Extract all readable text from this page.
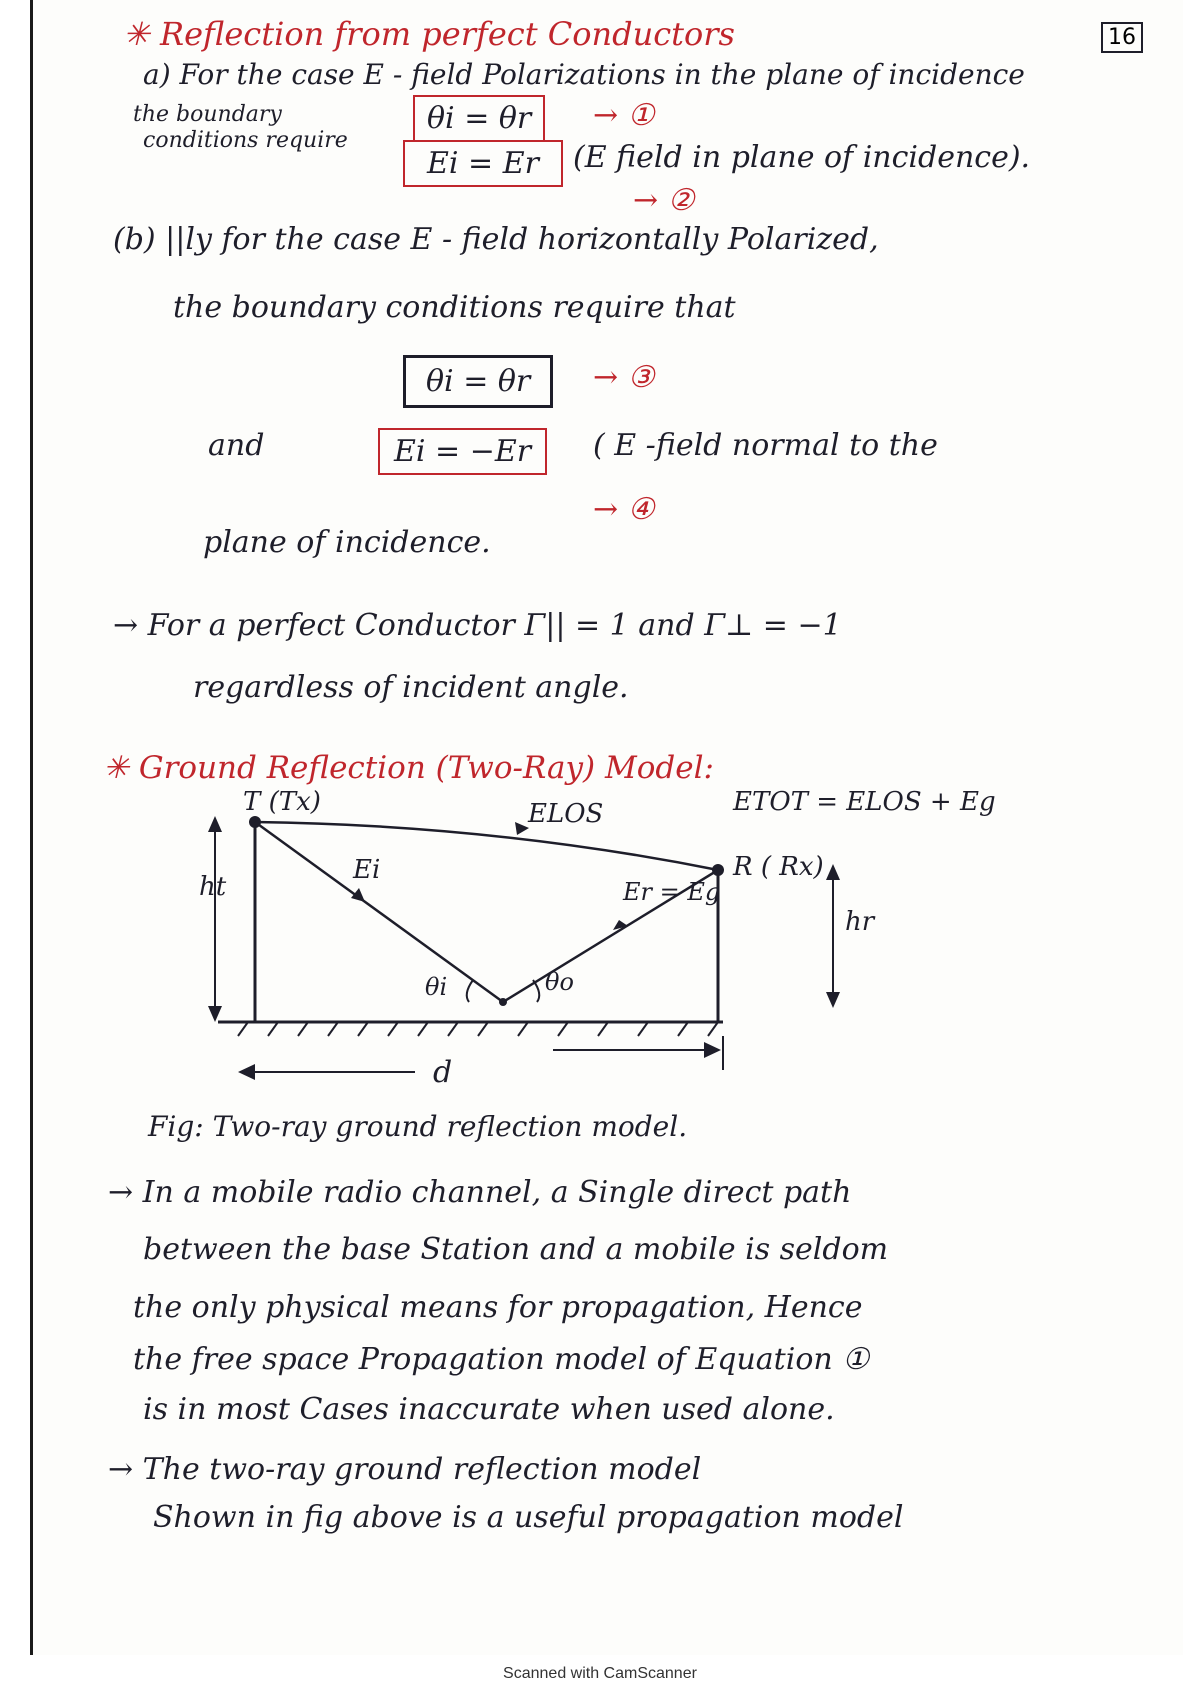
16
✳ Reflection from perfect Conductors
a) For the case E - field Polarizations in the plane of incidence
the boundary
conditions require
θi = θr	→ ①
Ei = Er	(E field in plane of incidence).
→ ②
(b) ||ly for the case E - field horizontally Polarized,
the boundary conditions require that
θi = θr	→ ③
and	Ei = −Er	( E -field normal to the
→ ④
plane of incidence.
→ For a perfect Conductor Γ|| = 1 and Γ⊥ = −1
regardless of incident angle.
✳ Ground Reflection (Two-Ray) Model:
T (Tx)
R ( Rx)
ELOS	ETOT = ELOS + Eg
Ei
Er = Eg
ht
hr
θi	θo
d
Fig: Two-ray ground reflection model.
→ In a mobile radio channel, a Single direct path
between the base Station and a mobile is seldom
the only physical means for propagation, Hence
the free space Propagation model of Equation ①
is in most Cases inaccurate when used alone.
→ The two-ray ground reflection model
Shown in fig above is a useful propagation model
Scanned with CamScanner
